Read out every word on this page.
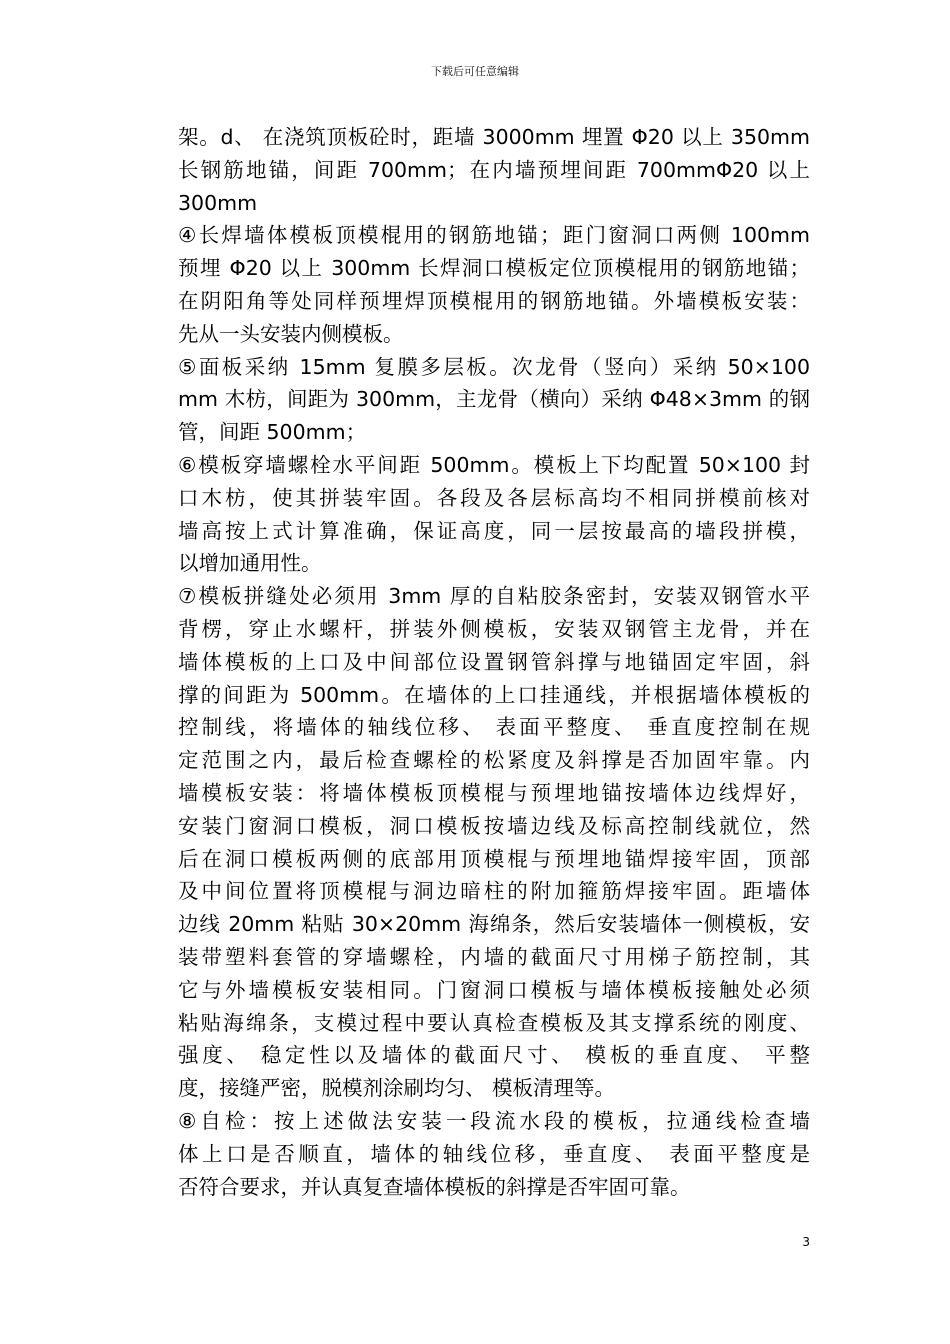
下载后可任意编辑
架。d、 在浇筑顶板砼时，距墙 3000mm 埋置 Φ20 以上 350mm
长钢筋地锚，间距 700mm；在内墙预埋间距 700mmΦ20 以上
300mm
④长焊墙体模板顶模棍用的钢筋地锚；距门窗洞口两侧 100mm
预埋 Φ20 以上 300mm 长焊洞口模板定位顶模棍用的钢筋地锚；
在阴阳角等处同样预埋焊顶模棍用的钢筋地锚。外墙模板安装：
先从一头安装内侧模板。
⑤面板采纳 15mm 复膜多层板。次龙骨（竖向）采纳 50×100
mm 木枋，间距为 300mm，主龙骨（横向）采纳 Φ48×3mm 的钢
管，间距 500mm；
⑥模板穿墙螺栓水平间距 500mm。模板上下均配置 50×100 封
口木枋，使其拼装牢固。各段及各层标高均不相同拼模前核对
墙高按上式计算准确，保证高度，同一层按最高的墙段拼模，
以增加通用性。
⑦模板拼缝处必须用 3mm 厚的自粘胶条密封，安装双钢管水平
背楞，穿止水螺杆，拼装外侧模板，安装双钢管主龙骨，并在
墙体模板的上口及中间部位设置钢管斜撑与地锚固定牢固，斜
撑的间距为 500mm。在墙体的上口挂通线，并根据墙体模板的
控制线，将墙体的轴线位移、 表面平整度、 垂直度控制在规
定范围之内，最后检查螺栓的松紧度及斜撑是否加固牢靠。内
墙模板安装：将墙体模板顶模棍与预埋地锚按墙体边线焊好，
安装门窗洞口模板，洞口模板按墙边线及标高控制线就位，然
后在洞口模板两侧的底部用顶模棍与预埋地锚焊接牢固，顶部
及中间位置将顶模棍与洞边暗柱的附加箍筋焊接牢固。距墙体
边线 20mm 粘贴 30×20mm 海绵条，然后安装墙体一侧模板，安
装带塑料套管的穿墙螺栓，内墙的截面尺寸用梯子筋控制，其
它与外墙模板安装相同。门窗洞口模板与墙体模板接触处必须
粘贴海绵条，支模过程中要认真检查模板及其支撑系统的刚度、
强度、 稳定性以及墙体的截面尺寸、 模板的垂直度、 平整
度，接缝严密，脱模剂涂刷均匀、 模板清理等。
⑧自检：按上述做法安装一段流水段的模板，拉通线检查墙
体上口是否顺直，墙体的轴线位移，垂直度、 表面平整度是
否符合要求，并认真复查墙体模板的斜撑是否牢固可靠。
3
